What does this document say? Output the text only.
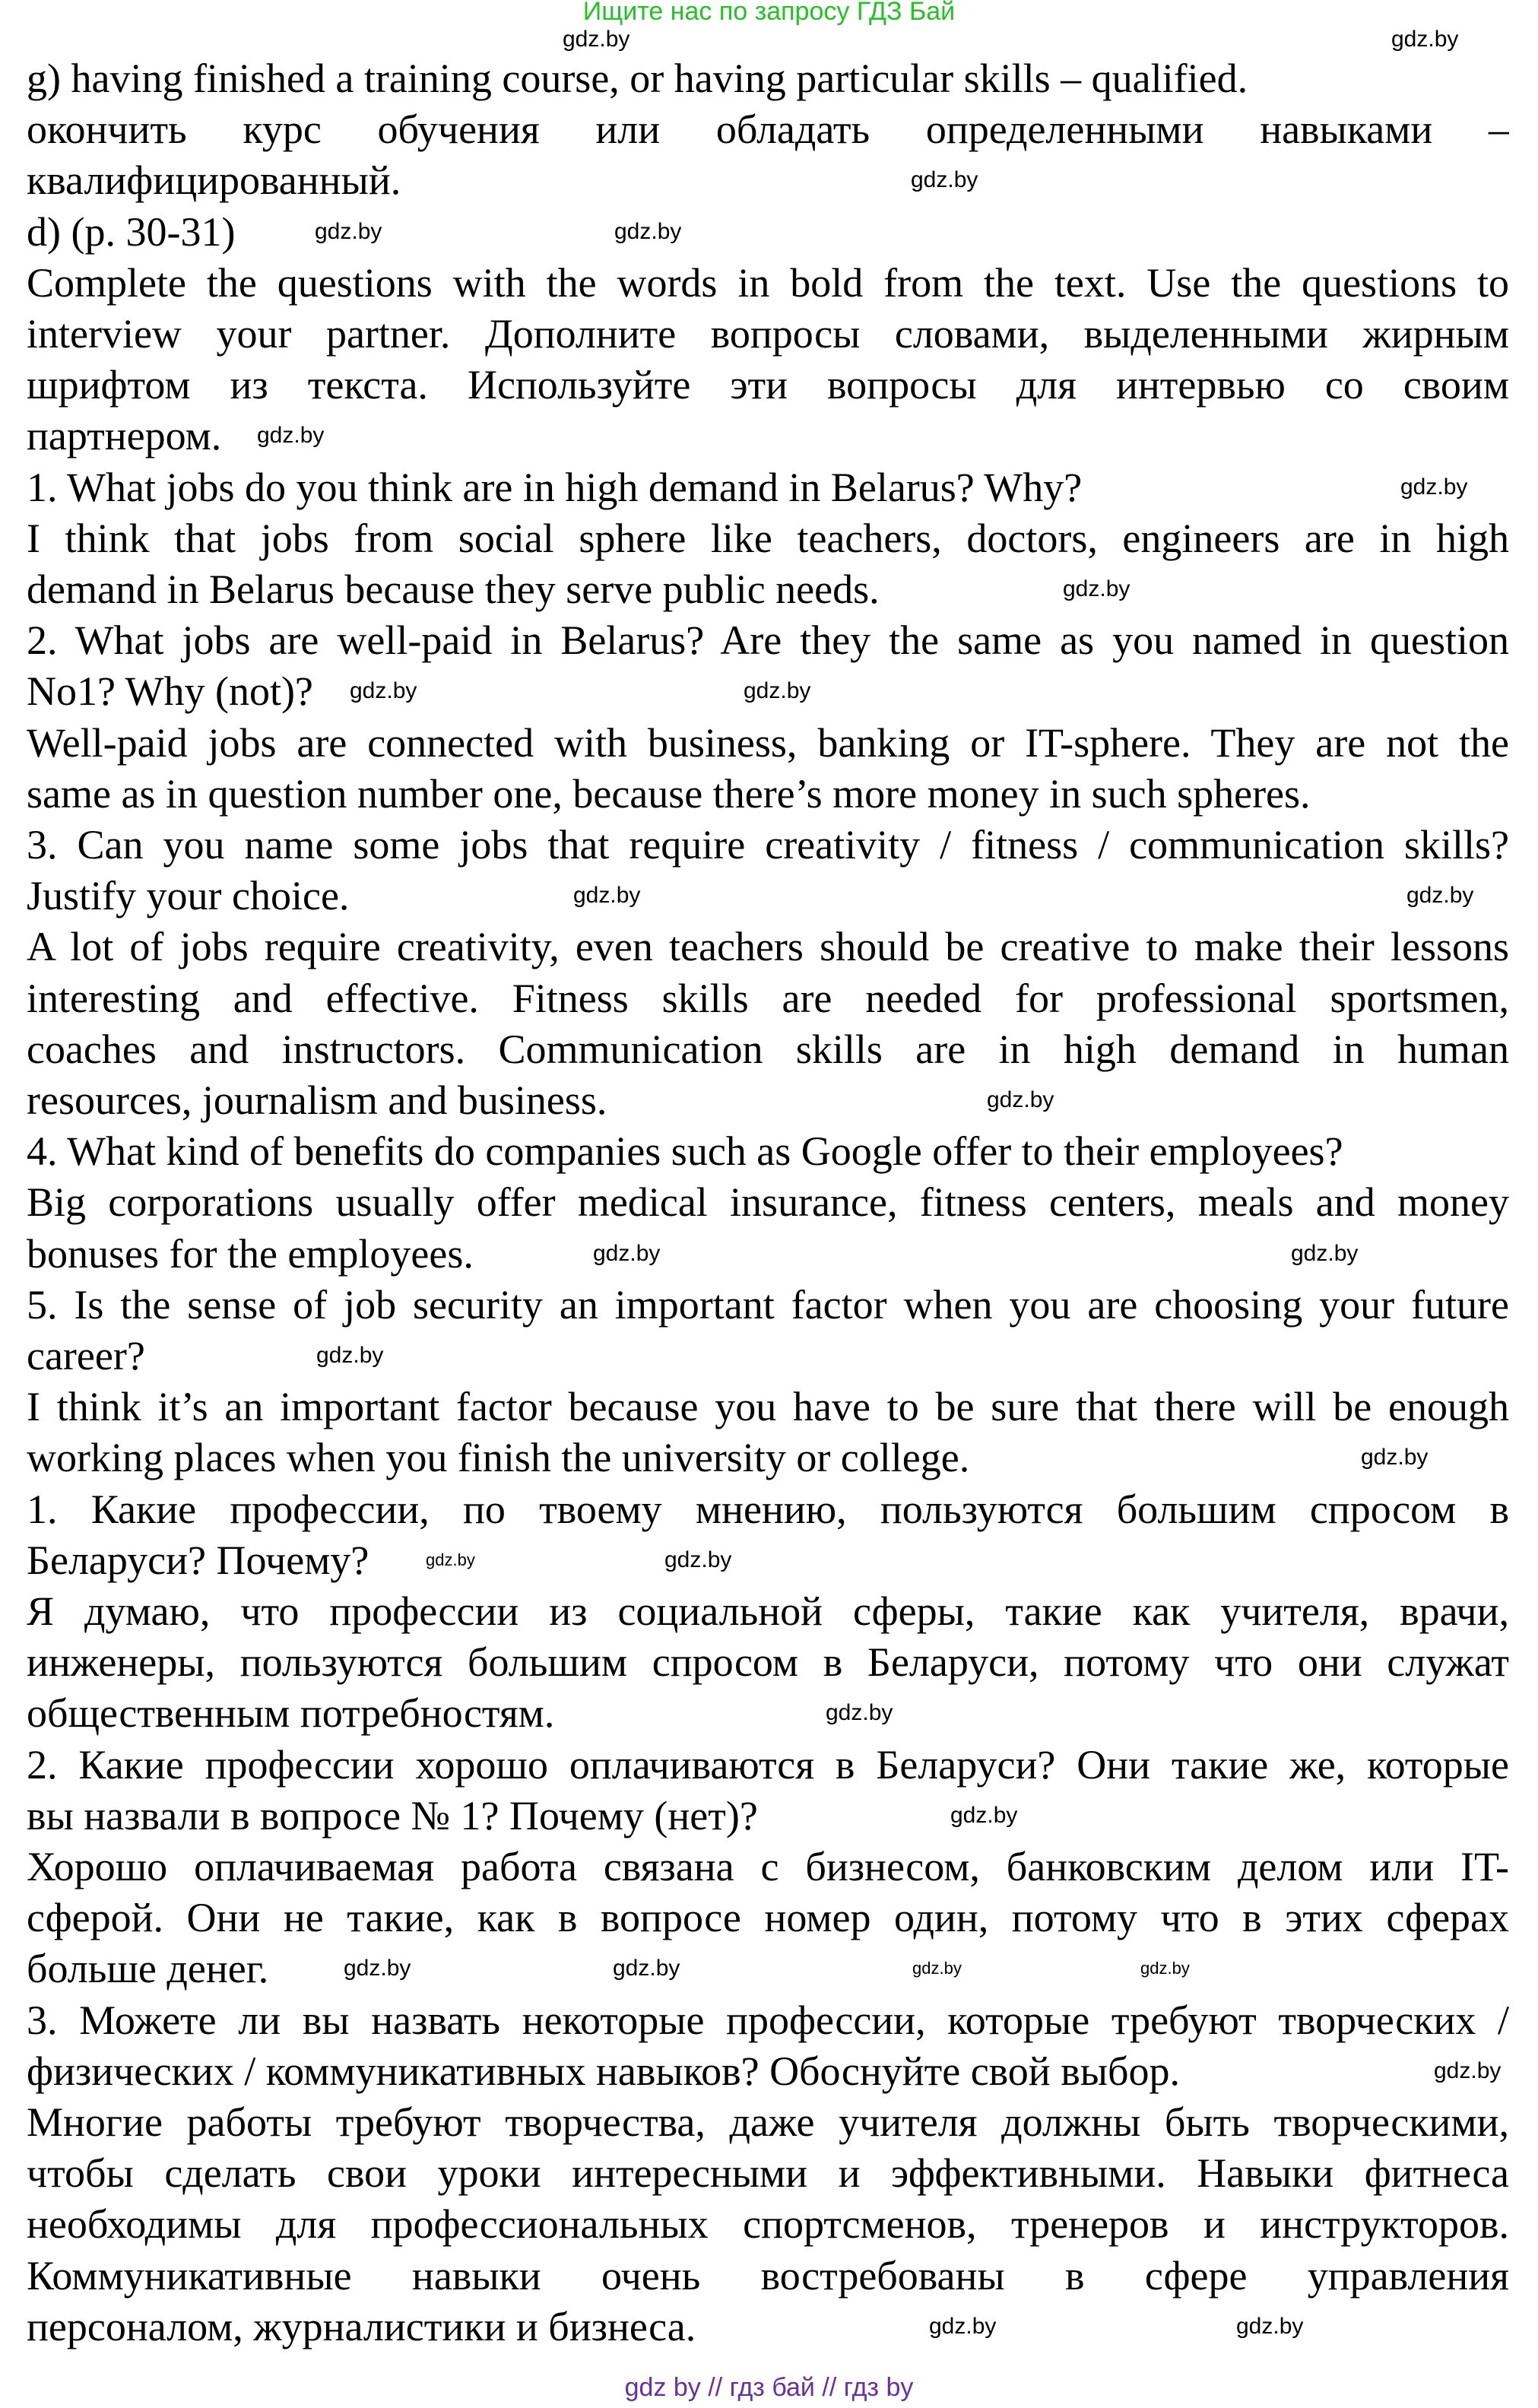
Ищите нас по запросу ГДЗ Бай
g) having finished a training course, or having particular skills – qualified.
окончить курс обучения или обладать определенными навыками –
квалифицированный.
d) (p. 30-31)
Complete the questions with the words in bold from the text. Use the questions to
interview your partner. Дополните вопросы словами, выделенными жирным
шрифтом из текста. Используйте эти вопросы для интервью со своим
партнером.
1. What jobs do you think are in high demand in Belarus? Why?
I think that jobs from social sphere like teachers, doctors, engineers are in high
demand in Belarus because they serve public needs.
2. What jobs are well-paid in Belarus? Are they the same as you named in question
No1? Why (not)?
Well-paid jobs are connected with business, banking or IT-sphere. They are not the
same as in question number one, because there’s more money in such spheres.
3. Can you name some jobs that require creativity / fitness / communication skills?
Justify your choice.
A lot of jobs require creativity, even teachers should be creative to make their lessons
interesting and effective. Fitness skills are needed for professional sportsmen,
coaches and instructors. Communication skills are in high demand in human
resources, journalism and business.
4. What kind of benefits do companies such as Google offer to their employees?
Big corporations usually offer medical insurance, fitness centers, meals and money
bonuses for the employees.
5. Is the sense of job security an important factor when you are choosing your future
career?
I think it’s an important factor because you have to be sure that there will be enough
working places when you finish the university or college.
1. Какие профессии, по твоему мнению, пользуются большим спросом в
Беларуси? Почему?
Я думаю, что профессии из социальной сферы, такие как учителя, врачи,
инженеры, пользуются большим спросом в Беларуси, потому что они служат
общественным потребностям.
2. Какие профессии хорошо оплачиваются в Беларуси? Они такие же, которые
вы назвали в вопросе № 1? Почему (нет)?
Хорошо оплачиваемая работа связана с бизнесом, банковским делом или IT-
сферой. Они не такие, как в вопросе номер один, потому что в этих сферах
больше денег.
3. Можете ли вы назвать некоторые профессии, которые требуют творческих /
физических / коммуникативных навыков? Обоснуйте свой выбор.
Многие работы требуют творчества, даже учителя должны быть творческими,
чтобы сделать свои уроки интересными и эффективными. Навыки фитнеса
необходимы для профессиональных спортсменов, тренеров и инструкторов.
Коммуникативные навыки очень востребованы в сфере управления
персоналом, журналистики и бизнеса.
gdz.by	gdz.by
gdz.by
gdz.by	gdz.by
gdz.by
gdz.by
gdz.by
gdz.by
gdz.by
gdz.by
gdz.by
gdz.by
gdz.by	gdz.by
gdz.by
gdz.by
gdz.by
gdz.by
gdz.by
gdz.by
gdz.by	gdz.by
gdz.by
gdz.by	gdz.by
gdz.by	gdz.by
gdz by // гдз бай // гдз by
